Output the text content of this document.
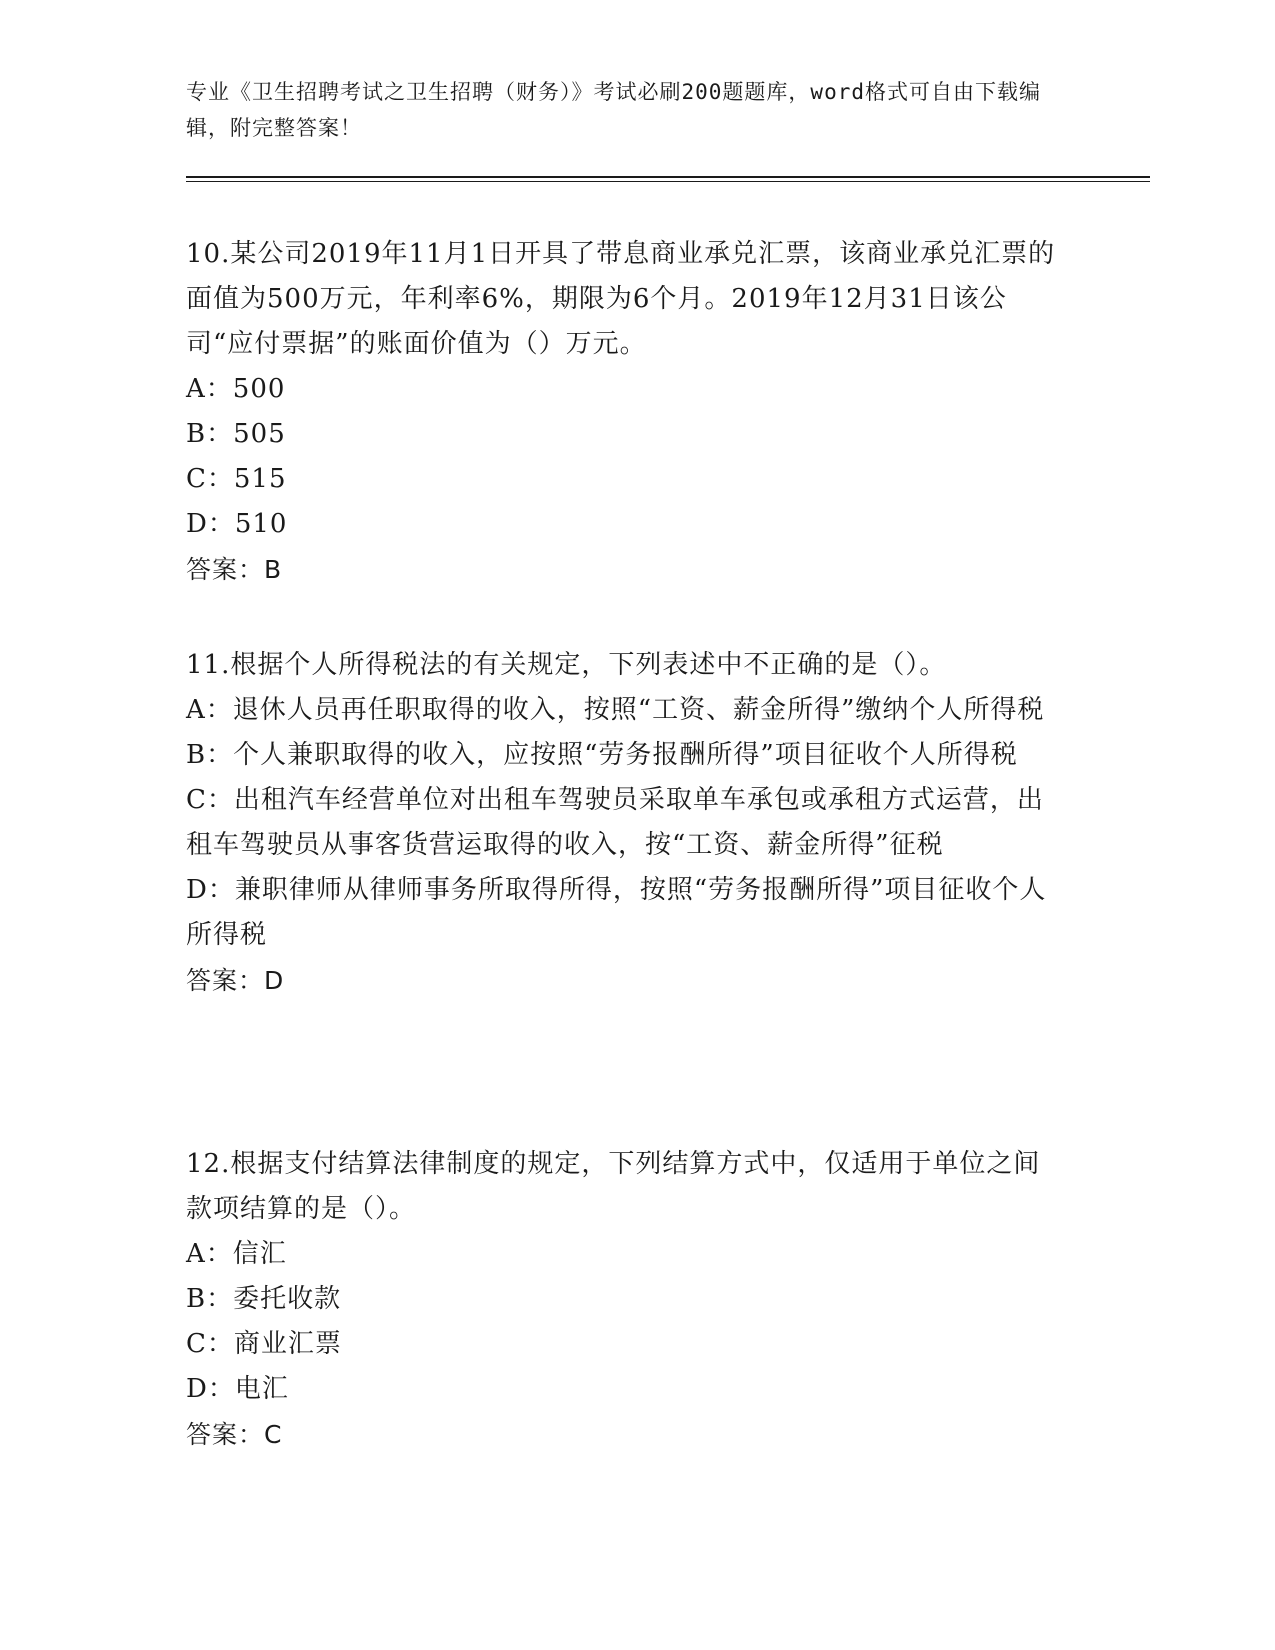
专业《卫生招聘考试之卫生招聘（财务）》考试必刷200题题库，word格式可自由下载编辑，附完整答案！

10.某公司2019年11月1日开具了带息商业承兑汇票，该商业承兑汇票的面值为500万元，年利率6%，期限为6个月。2019年12月31日该公司“应付票据”的账面价值为（）万元。

A：500

B：505

C：515

D：510

答案：B

11.根据个人所得税法的有关规定，下列表述中不正确的是（）。

A：退休人员再任职取得的收入，按照“工资、薪金所得”缴纳个人所得税

B：个人兼职取得的收入，应按照“劳务报酬所得”项目征收个人所得税

C：出租汽车经营单位对出租车驾驶员采取单车承包或承租方式运营，出租车驾驶员从事客货营运取得的收入，按“工资、薪金所得”征税

D：兼职律师从律师事务所取得所得，按照“劳务报酬所得”项目征收个人所得税

答案：D

12.根据支付结算法律制度的规定，下列结算方式中，仅适用于单位之间款项结算的是（）。

A：信汇

B：委托收款

C：商业汇票

D：电汇

答案：C
